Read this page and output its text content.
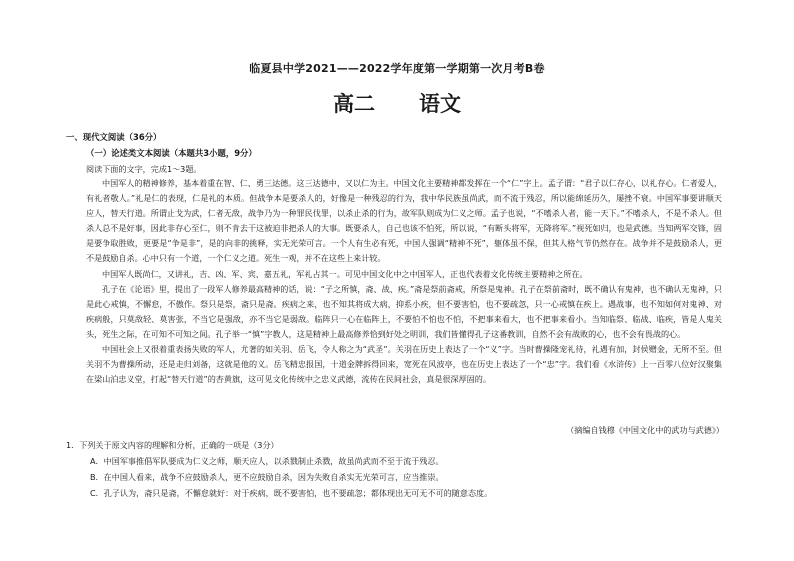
临夏县中学2021——2022学年度第一学期第一次月考B卷
高二 语文
一、现代文阅读（36分）
（一）论述类文本阅读（本题共3小题，9分）
阅读下面的文字，完成1～3题。

中国军人的精神修养，基本着重在智、仁、勇三达德。这三达德中，又以仁为主。中国文化主要精神都发挥在一个“仁”字上。孟子谓：“君子以仁存心，以礼存心。仁者爱人，有礼者敬人。”礼是仁的表现，仁是礼的本质。但战争本是要杀人的，好像是一种残忍的行为，我中华民族虽尚武，而不流于残忍，所以能绵延历久，屡挫不衰。中国军事要讲顺天应人，替天行道。所谓止戈为武，仁者无敌，战争乃为一种罪民伐罪，以杀止杀的行为，故军队则成为仁义之师。孟子也说，“不嗜杀人者，能一天下。”不嗜杀人，不是不杀人。但杀人总不是好事，因此非存心至仁，则不肯去干这被迫非把杀人的大事。既要杀人，自己也该不怕死，所以说，“有断头将军，无降将军。”视死如归，也是武德。当知两军交锋，固是要争取胜败，更要是“争是非”，是的向非的挑释，实无光荣可言。一个人有生必有死，中国人强调“精神不死”，躯体虽不保，但其人格气节仍然存在。战争并不是鼓励杀人，更不是鼓励自杀。心中只有一个道，一个仁义之道。死生一观，并不在这些上来计较。

中国军人既尚仁，又讲礼，吉、凶、军、宾、嘉五礼，军礼占其一。可见中国文化中之中国军人，正也代表着文化传统主要精神之所在。

孔子在《论语》里，提出了一段军人修养最高精神的话，说：“子之所慎，斋、战、疾。”斋是祭前斋戒，所祭是鬼神。孔子在祭前斋时，既不确认有鬼神，也不确认无鬼神，只是此心戒慎，不懈怠，不傲作。祭只是祭，斋只是斋。疾病之来，也不知其将成大病，抑系小疾，但不要害怕，也不要疏忽，只一心戒慎在疾上。遇战事，也不知如何对鬼神、对疾病般，只莫敌轻、莫害张，不当它是强敌，亦不当它是弱敌。临阵只一心在临阵上，不要怕不怕也不怕，不把事来看大，也不把事来看小。当知临祭、临战、临疾，皆是人鬼关头，死生之际，在可知不可知之间。孔子举一“慎”字教人，这是精神上最高修养恰到好处之明训，我们皆懂得孔子这番教训，自然不会有战败的心，也不会有畏战的心。

中国社会上又很着重表扬失败的军人，尤著的如关羽、岳飞，令人称之为“武圣”。关羽在历史上表达了一个“义”字。当时曹操隆宠礼待，礼遇有加，封侯赠金，无所不至。但关羽不为曹操所动，还是走归刘备，这就是他的义。岳飞精忠报国，十道金牌拆得回来，宽死在风波亭，也在历史上表达了一个“忠”字。我们看《水浒传》上一百零八位好汉聚集在梁山泊忠义堂，打起“替天行道”的杏黄旗，这可见文化传统中之忠义武德，流传在民间社会，真是很深厚固的。

（摘编自钱穆《中国文化中的武功与武德》）
1．下列关于原文内容的理解和分析，正确的一项是（3分）
A．中国军事推倡军队要成为仁义之师，顺天应人，以杀戮制止杀戮，故虽尚武而不至于流于残忍。
B．在中国人看来，战争不应鼓励杀人，更不应鼓励自杀，因为失败自杀实无光荣可言，应当推崇。
C．孔子认为，斋只是斋，不懈怠就好：对于疾病，既不要害怕，也不要疏忽；都体现出无可无不可的随意态度。
